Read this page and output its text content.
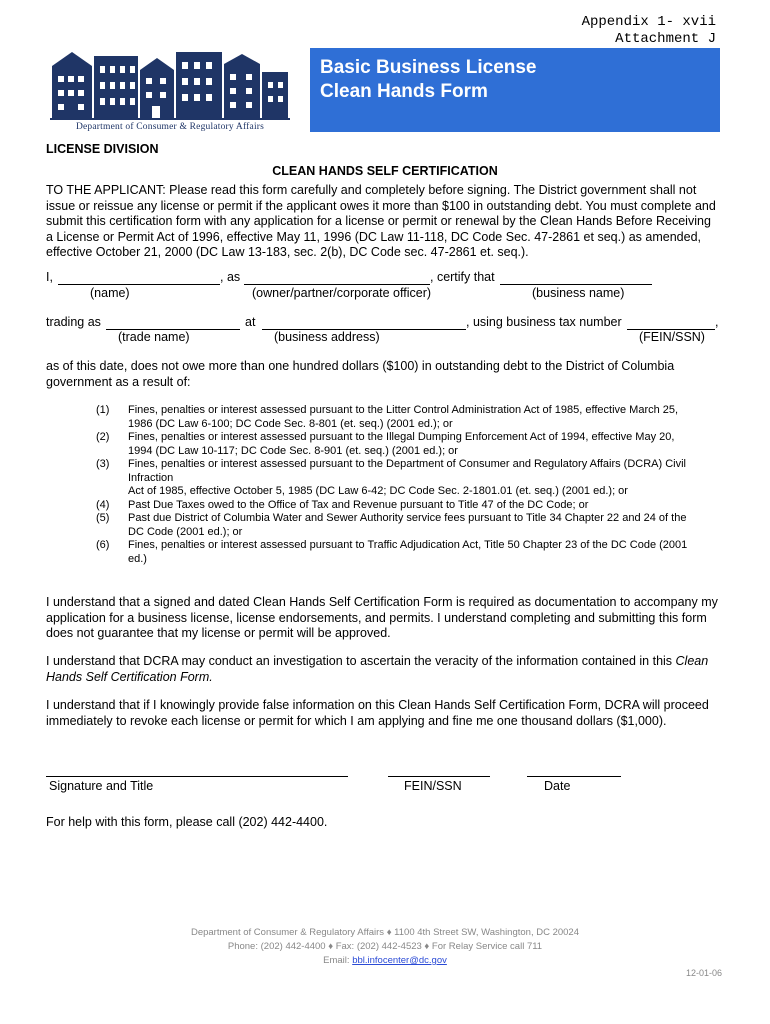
Appendix 1- xvii
Attachment J
Department of Consumer & Regulatory Affairs
Basic Business License
Clean Hands Form
LICENSE DIVISION
CLEAN HANDS SELF CERTIFICATION
TO THE APPLICANT: Please read this form carefully and completely before signing. The District government shall not
issue or reissue any license or permit if the applicant owes it more than $100 in outstanding debt. You must complete and
submit this certification form with any application for a license or permit or renewal by the Clean Hands Before Receiving
a License or Permit Act of 1996, effective May 11, 1996 (DC Law 11-118, DC Code Sec. 47-2861 et seq.) as amended,
effective October 21, 2000 (DC Law 13-183, sec. 2(b), DC Code sec. 47-2861 et. seq.).
I,	, as	, certify that
(name)	(owner/partner/corporate officer)	(business name)
trading as	at	, using business tax number	,
(trade name)	(business address)	(FEIN/SSN)
as of this date, does not owe more than one hundred dollars ($100) in outstanding debt to the District of Columbia
government as a result of:
(1)	Fines, penalties or interest assessed pursuant to the Litter Control Administration Act of 1985, effective March 25,
1986 (DC Law 6-100; DC Code Sec. 8-801 (et. seq.) (2001 ed.); or
(2)	Fines, penalties or interest assessed pursuant to the Illegal Dumping Enforcement Act of 1994, effective May 20,
1994 (DC Law 10-117; DC Code Sec. 8-901 (et. seq.) (2001 ed.); or
(3)	Fines, penalties or interest assessed pursuant to the Department of Consumer and Regulatory Affairs (DCRA) Civil
Infraction
Act of 1985, effective October 5, 1985 (DC Law 6-42; DC Code Sec. 2-1801.01 (et. seq.) (2001 ed.); or
(4)	Past Due Taxes owed to the Office of Tax and Revenue pursuant to Title 47 of the DC Code; or
(5)	Past due District of Columbia Water and Sewer Authority service fees pursuant to Title 34 Chapter 22 and 24 of the
DC Code (2001 ed.); or
(6)	Fines, penalties or interest assessed pursuant to Traffic Adjudication Act, Title 50 Chapter 23 of the DC Code (2001
ed.)
I understand that a signed and dated Clean Hands Self Certification Form is required as documentation to accompany my
application for a business license, license endorsements, and permits. I understand completing and submitting this form
does not guarantee that my license or permit will be approved.
I understand that DCRA may conduct an investigation to ascertain the veracity of the information contained in this Clean
Hands Self Certification Form.
I understand that if I knowingly provide false information on this Clean Hands Self Certification Form, DCRA will proceed
immediately to revoke each license or permit for which I am applying and fine me one thousand dollars ($1,000).
Signature and Title	FEIN/SSN	Date
For help with this form, please call (202) 442-4400.
Department of Consumer & Regulatory Affairs ♦ 1100 4th Street SW, Washington, DC 20024
Phone: (202) 442-4400 ♦ Fax: (202) 442-4523 ♦ For Relay Service call 711
Email: bbl.infocenter@dc.gov
12-01-06
